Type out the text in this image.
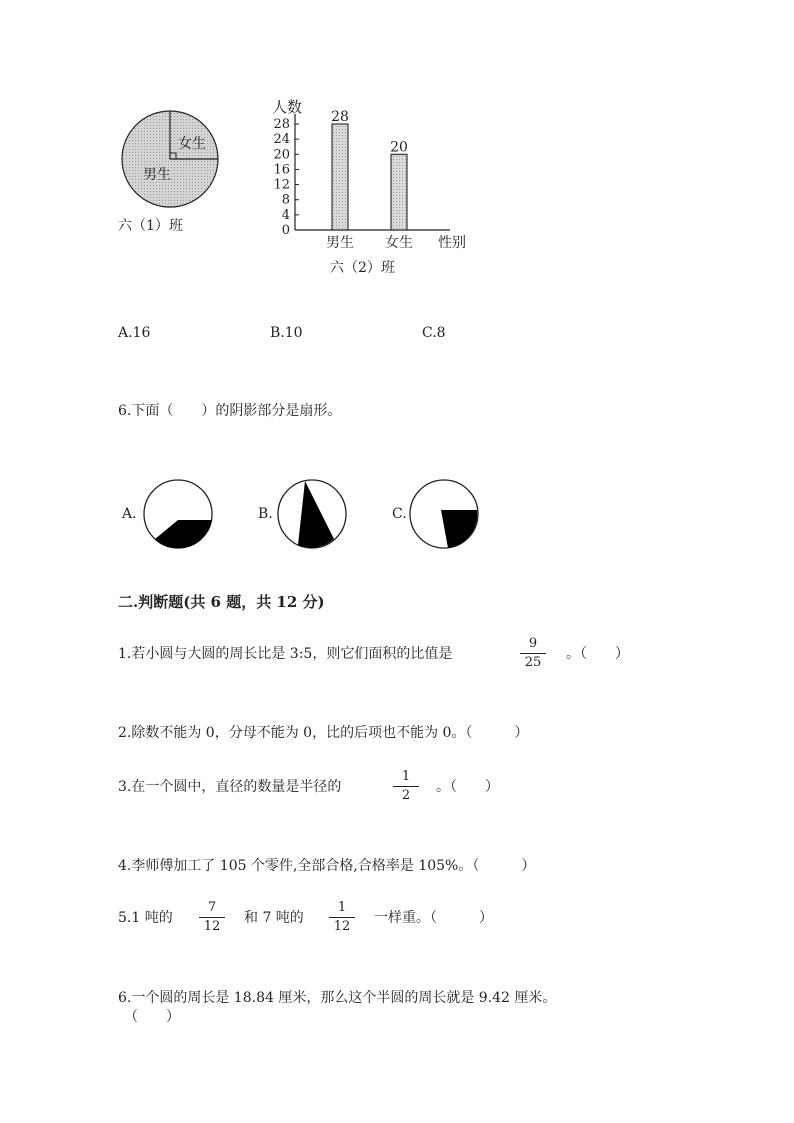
女生
男生
六（1）班
人数
28
24
20
16
12
8
4
0
28
男生
20
女生 性别
六（2）班
A.16	B.10	C.8
6.下面（　　）的阴影部分是扇形。
A.	B.	C.
二.判断题(共 6 题，共 12 分)
1.若小圆与大圆的周长比是 3:5，则它们面积的比值是
9
25
。（　　）
2.除数不能为 0，分母不能为 0，比的后项也不能为 0。（　　　）
3.在一个圆中，直径的数量是半径的
1
2
。（　　）
4.李师傅加工了 105 个零件,全部合格,合格率是 105%。（　　　）
5.1 吨的
7
12
和 7 吨的
1
12
一样重。（　　　）
6.一个圆的周长是 18.84 厘米，那么这个半圆的周长就是 9.42 厘米。
（　　）
